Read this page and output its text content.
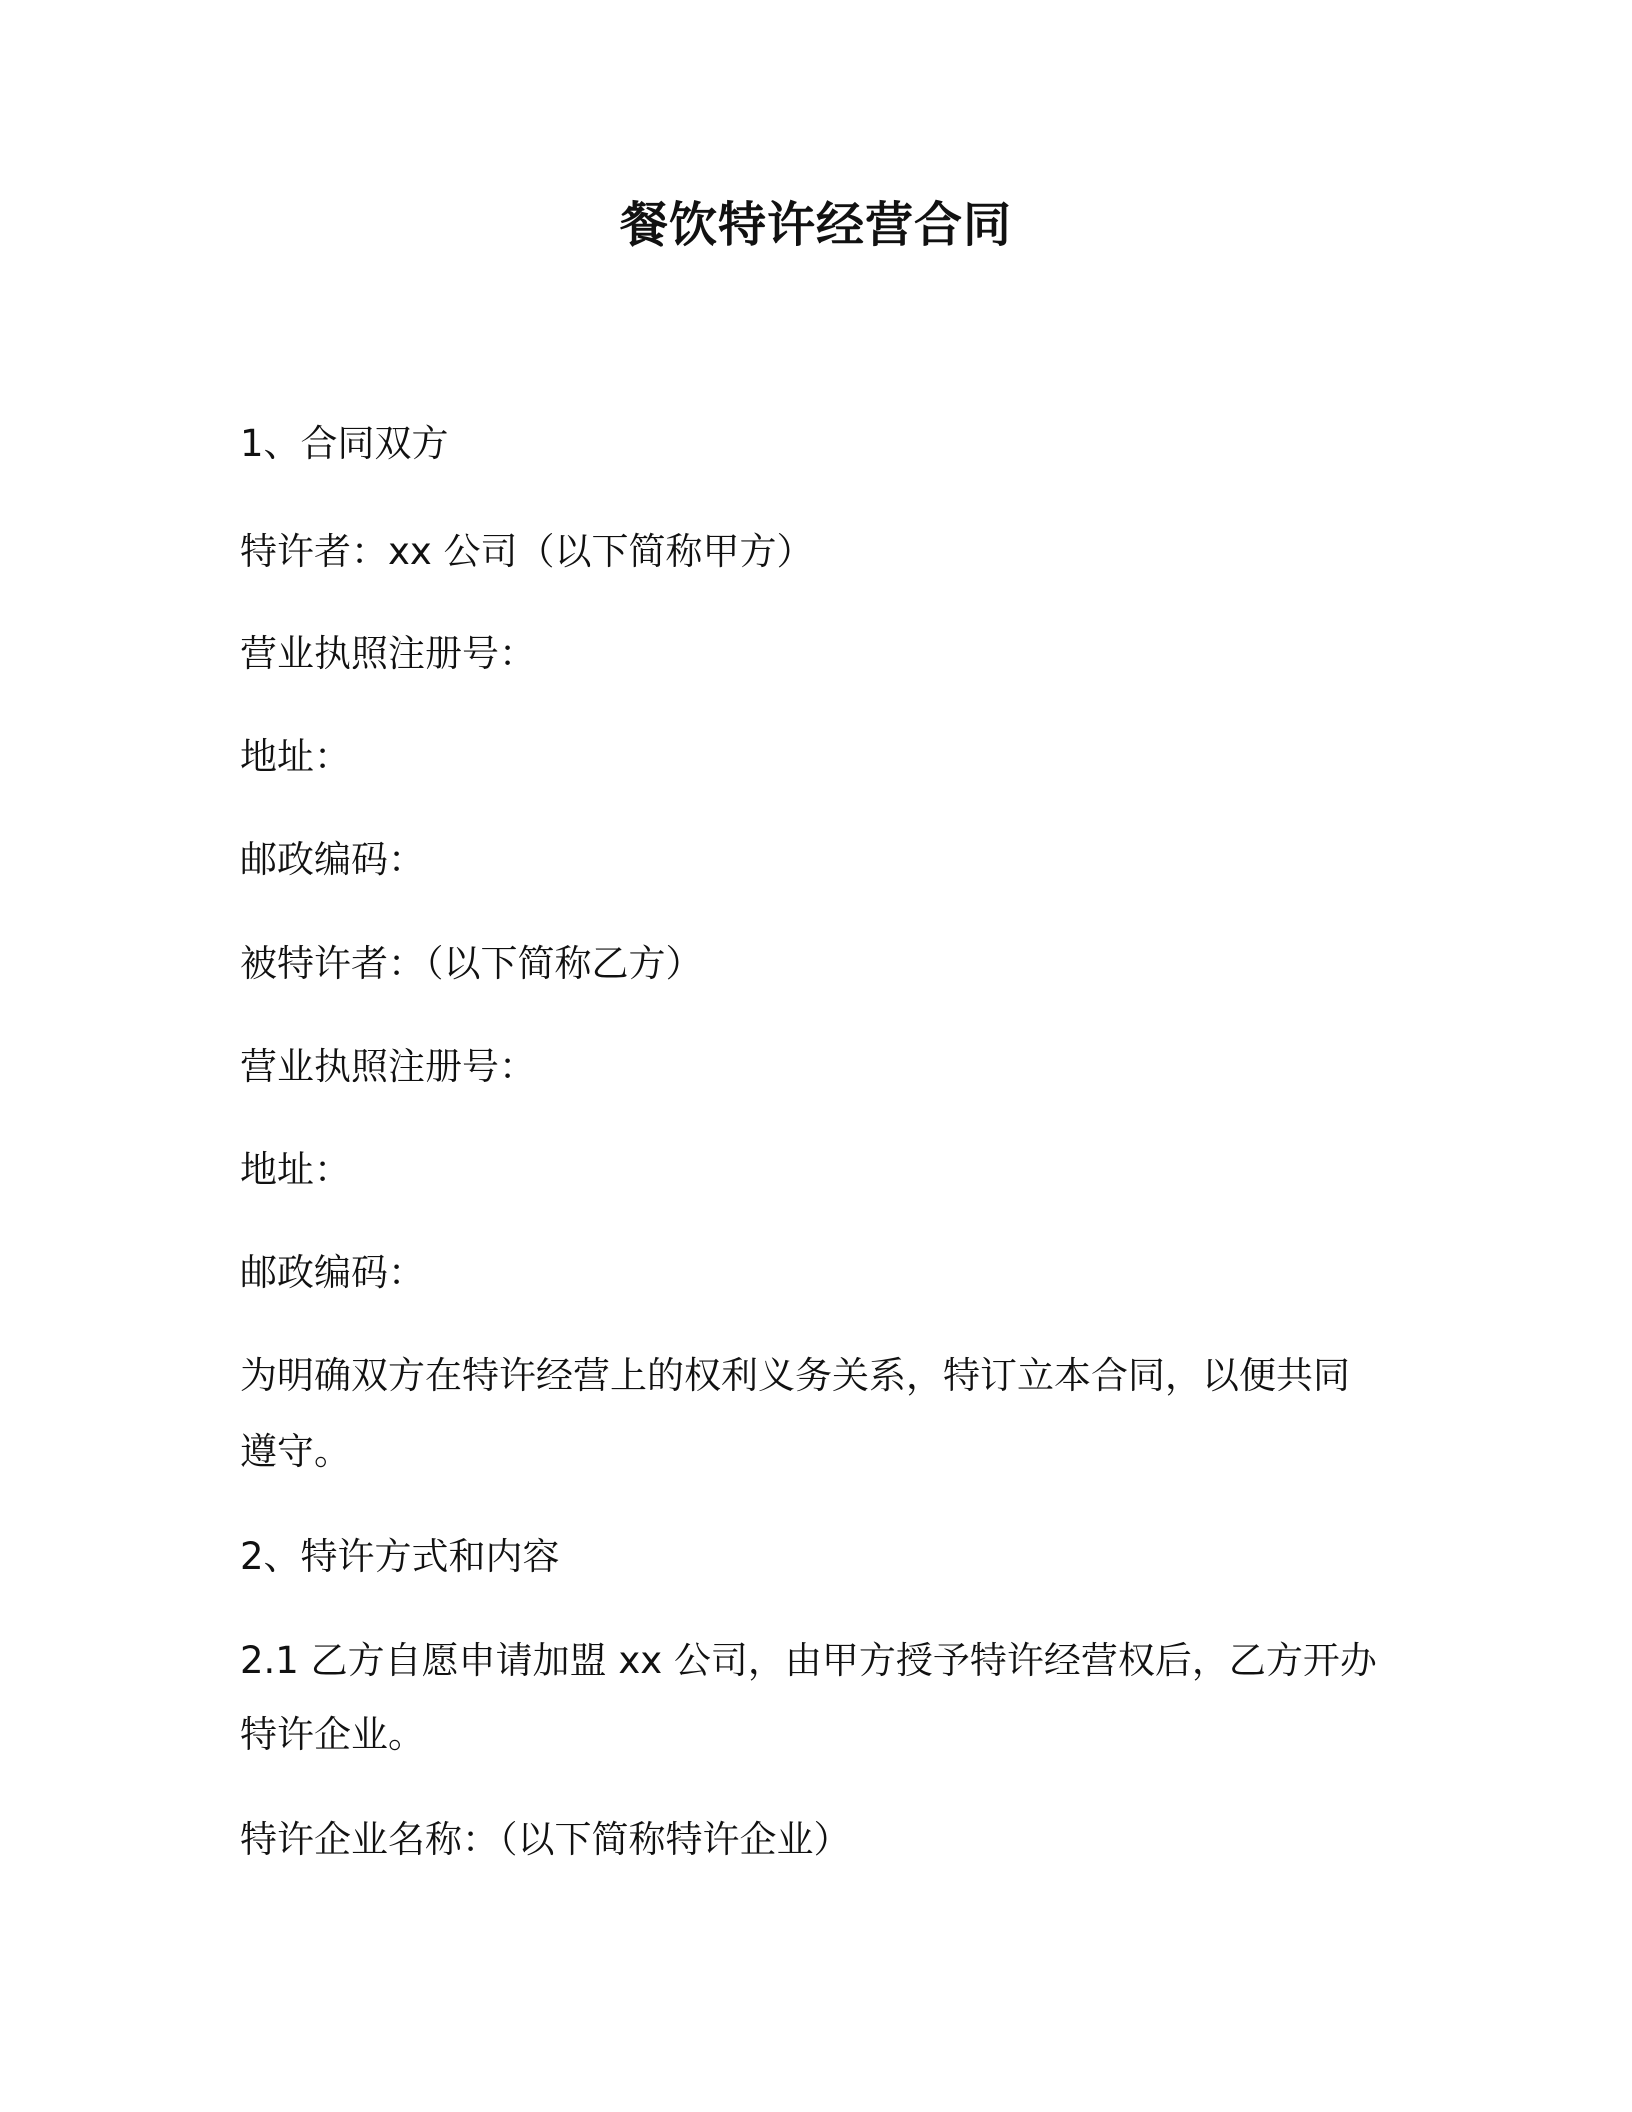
餐饮特许经营合同
1、合同双方
特许者：xx 公司（以下简称甲方）
营业执照注册号：
地址：
邮政编码：
被特许者：（以下简称乙方）
营业执照注册号：
地址：
邮政编码：
为明确双方在特许经营上的权利义务关系，特订立本合同，以便共同
遵守。
2、特许方式和内容
2.1 乙方自愿申请加盟 xx 公司，由甲方授予特许经营权后，乙方开办
特许企业。
特许企业名称：（以下简称特许企业）
